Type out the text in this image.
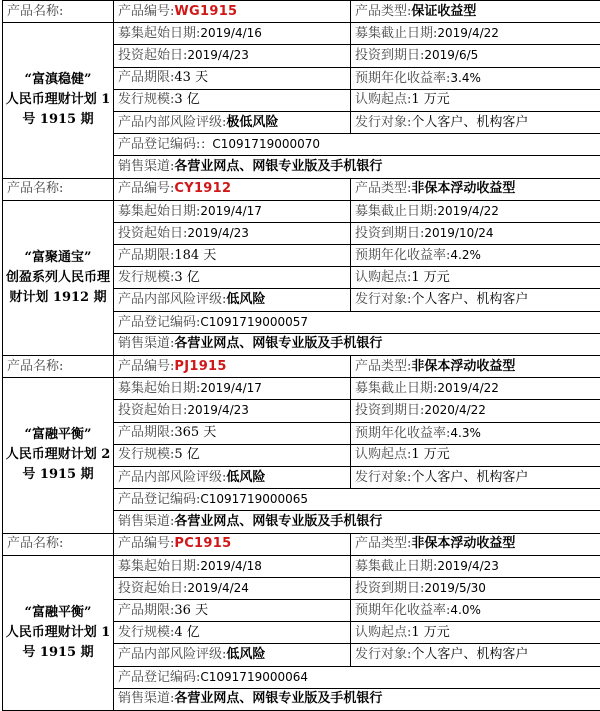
产品名称:	产品编号:WG1915	产品类型:保证收益型
“富滇稳健”
人民币理财计划 1 号 1915 期	募集起始日期:2019/4/16	募集截止日期:2019/4/22
	投资起始日:2019/4/23	投资到期日:2019/6/5
	产品期限:43 天	预期年化收益率:3.4%
	发行规模:3 亿	认购起点:1 万元
	产品内部风险评级:极低风险	发行对象:个人客户、机构客户
	产品登记编码:：C1091719000070	
	销售渠道:各营业网点、网银专业版及手机银行	
产品名称:	产品编号:CY1912	产品类型:非保本浮动收益型
“富聚通宝”
创盈系列人民币理财计划 1912 期	募集起始日期:2019/4/17	募集截止日期:2019/4/22
	投资起始日:2019/4/23	投资到期日:2019/10/24
	产品期限:184 天	预期年化收益率:4.2%
	发行规模:3 亿	认购起点:1 万元
	产品内部风险评级:低风险	发行对象:个人客户、机构客户
	产品登记编码:C1091719000057	
	销售渠道:各营业网点、网银专业版及手机银行	
产品名称:	产品编号:PJ1915	产品类型:非保本浮动收益型
“富融平衡”
人民币理财计划 2 号 1915 期	募集起始日期:2019/4/17	募集截止日期:2019/4/22
	投资起始日:2019/4/23	投资到期日:2020/4/22
	产品期限:365 天	预期年化收益率:4.3%
	发行规模:5 亿	认购起点:1 万元
	产品内部风险评级:低风险	发行对象:个人客户、机构客户
	产品登记编码:C1091719000065	
	销售渠道:各营业网点、网银专业版及手机银行	
产品名称:	产品编号:PC1915	产品类型:非保本浮动收益型
“富融平衡”
人民币理财计划 1 号 1915 期	募集起始日期:2019/4/18	募集截止日期:2019/4/23
	投资起始日:2019/4/24	投资到期日:2019/5/30
	产品期限:36 天	预期年化收益率:4.0%
	发行规模:4 亿	认购起点:1 万元
	产品内部风险评级:低风险	发行对象:个人客户、机构客户
	产品登记编码:C1091719000064	
	销售渠道:各营业网点、网银专业版及手机银行	
